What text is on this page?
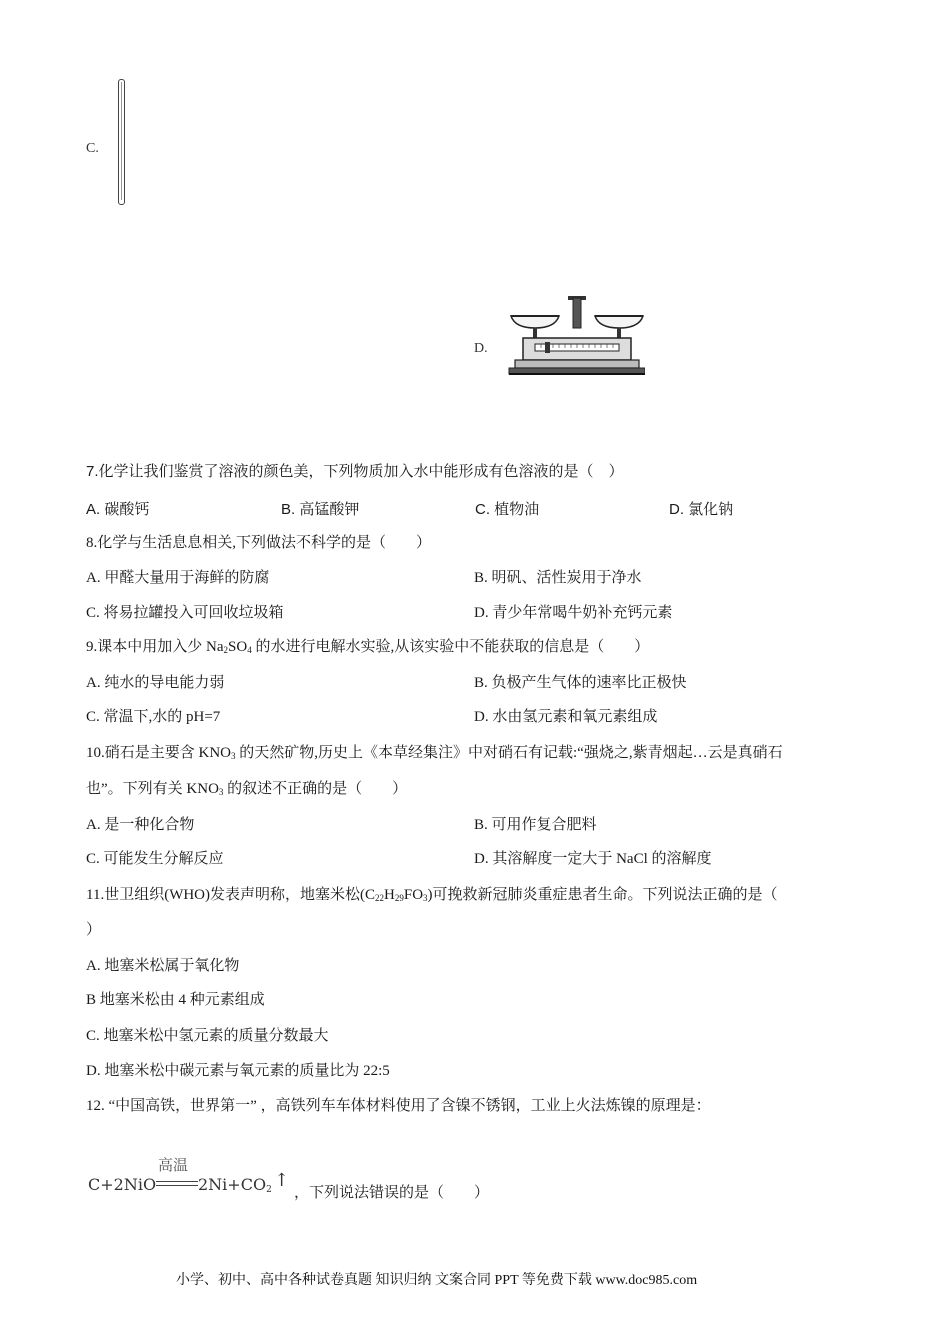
C.
D.
7.化学让我们鉴赏了溶液的颜色美，下列物质加入水中能形成有色溶液的是（　）
A. 碳酸钙	B. 高锰酸钾	C. 植物油	D. 氯化钠
8.化学与生活息息相关,下列做法不科学的是（　　）
A. 甲醛大量用于海鲜的防腐	B. 明矾、活性炭用于净水
C. 将易拉罐投入可回收垃圾箱	D. 青少年常喝牛奶补充钙元素
9.课本中用加入少 $Na_2SO_4$ 的水进行电解水实验,从该实验中不能获取的信息是（　　）
A. 纯水的导电能力弱	B. 负极产生气体的速率比正极快
C. 常温下,水的 pH=7	D. 水由氢元素和氧元素组成
10.硝石是主要含 $KNO_3$ 的天然矿物,历史上《本草经集注》中对硝石有记载:“强烧之,紫青烟起…云是真硝石
也”。下列有关 $KNO_3$ 的叙述不正确的是（　　）
A. 是一种化合物	B. 可用作复合肥料
C. 可能发生分解反应	D. 其溶解度一定大于 NaCl 的溶解度
11.世卫组织(WHO)发表声明称，地塞米松$(C_{22}H_{29}FO_3)$可挽救新冠肺炎重症患者生命。下列说法正确的是（
）
A. 地塞米松属于氧化物
B 地塞米松由 4 种元素组成
C. 地塞米松中氢元素的质量分数最大
D. 地塞米松中碳元素与氧元素的质量比为 22:5
12. “中国高铁，世界第一” ，高铁列车车体材料使用了含镍不锈钢，工业上火法炼镍的原理是：
C+2NiO
高温
$2Ni+CO_2$ ↑
，下列说法错误的是（　　）
小学、初中、高中各种试卷真题 知识归纳 文案合同 PPT 等免费下载 www.doc985.com
